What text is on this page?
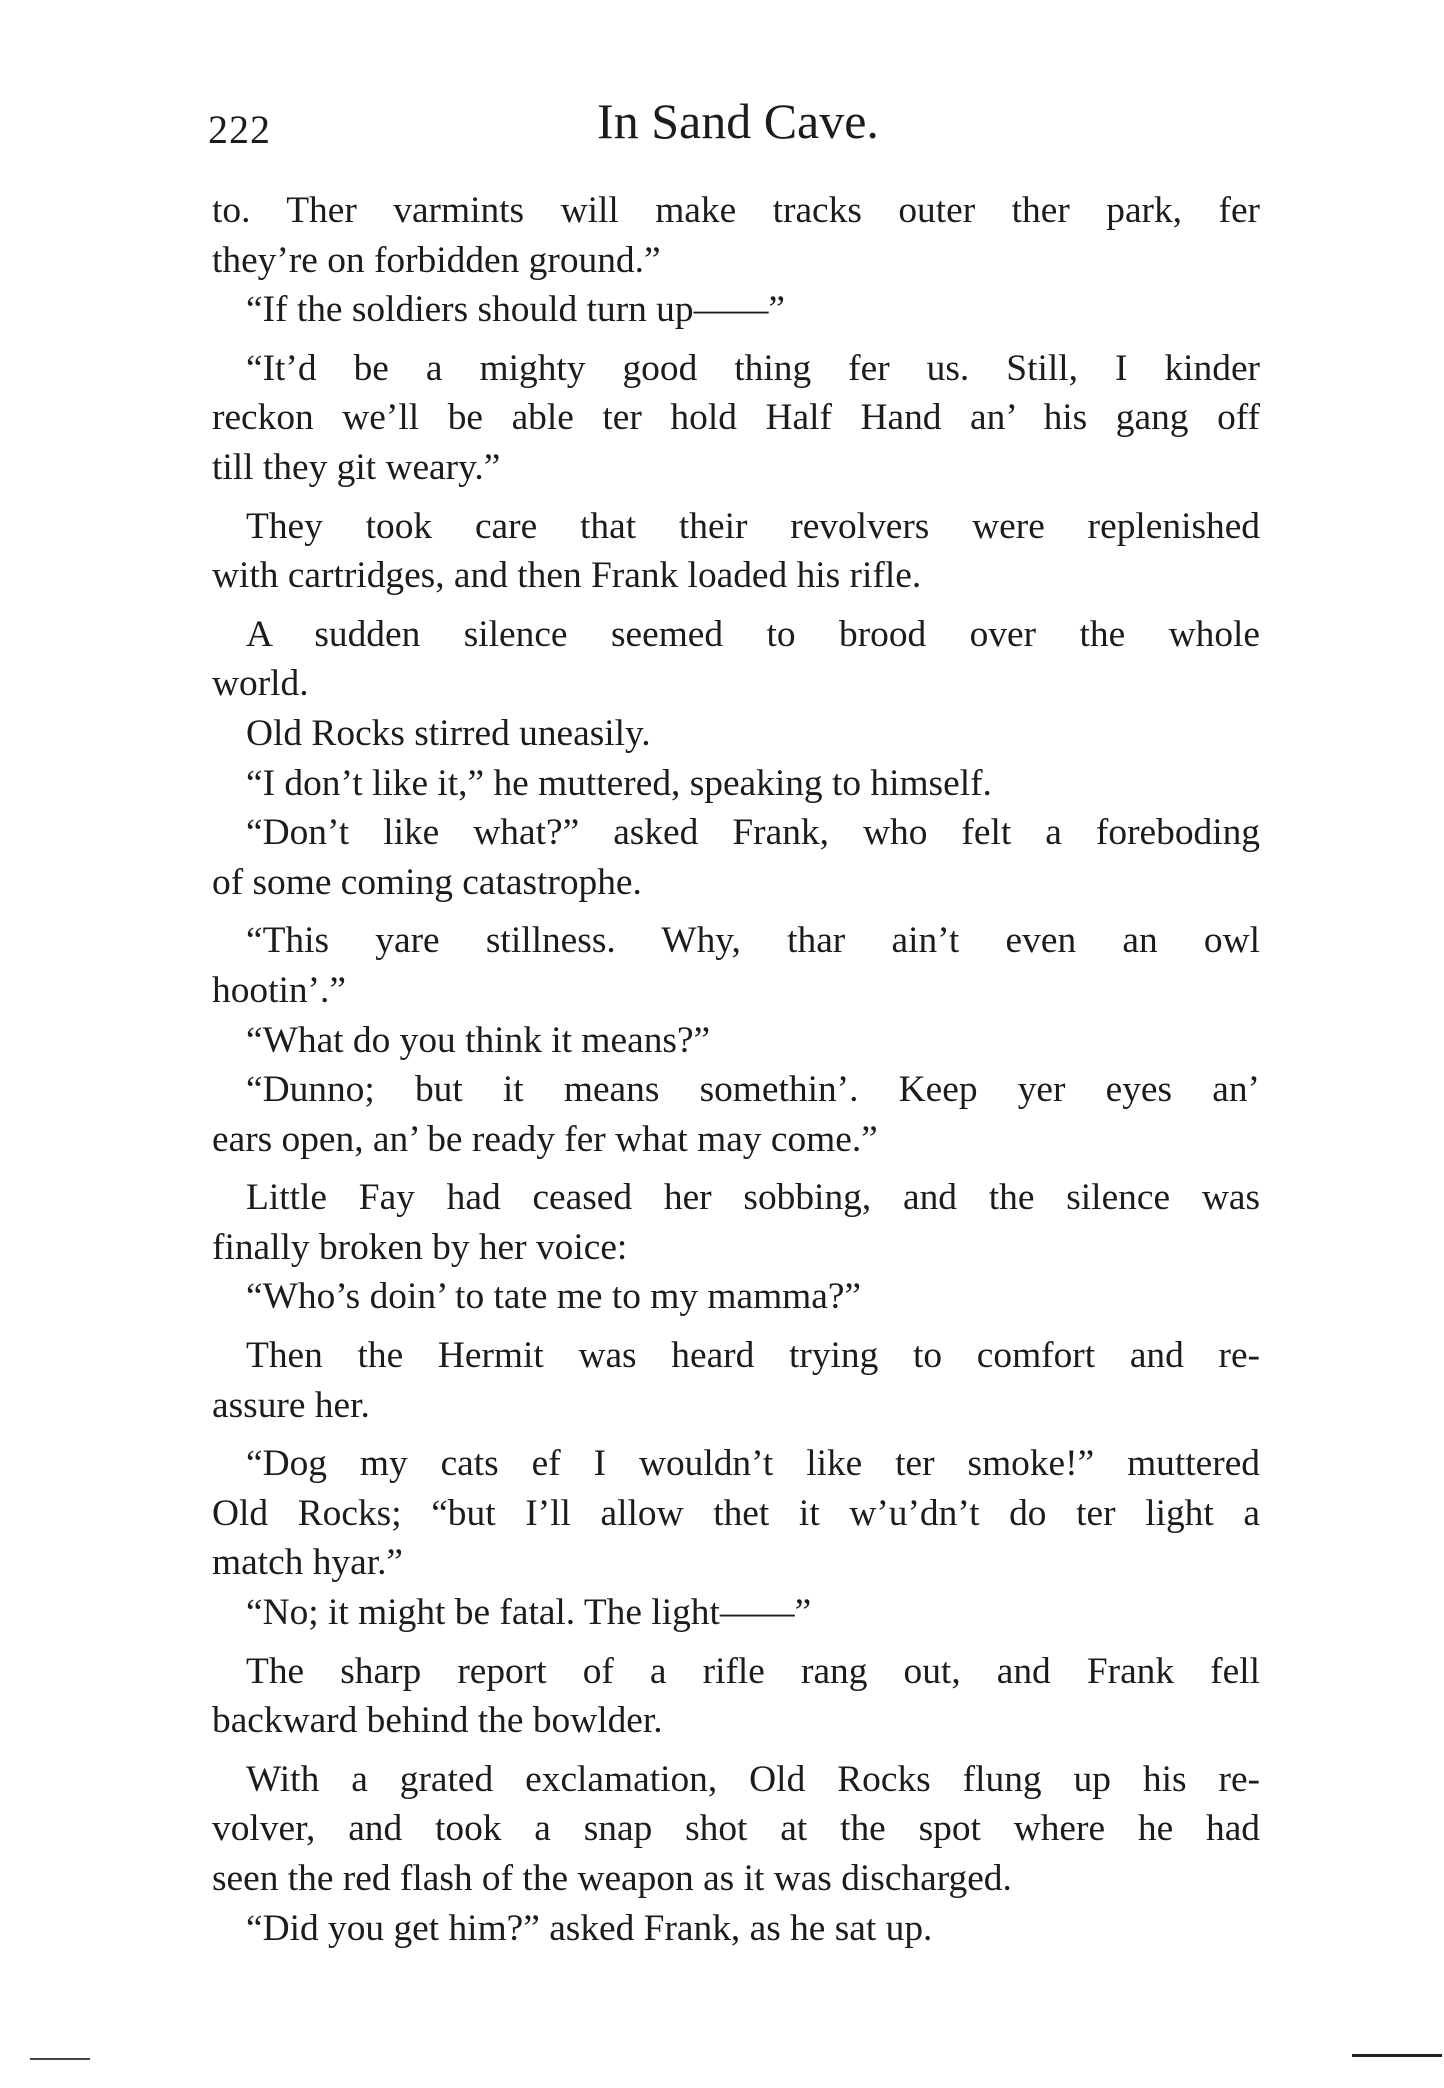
222	In Sand Cave.

to. Ther varmints will make tracks outer ther park, fer
they’re on forbidden ground.”

“If the soldiers should turn up——”

“It’d be a mighty good thing fer us. Still, I kinder
reckon we’ll be able ter hold Half Hand an’ his gang off
till they git weary.”

They took care that their revolvers were replenished
with cartridges, and then Frank loaded his rifle.

A sudden silence seemed to brood over the whole
world.

Old Rocks stirred uneasily.

“I don’t like it,” he muttered, speaking to himself.

“Don’t like what?” asked Frank, who felt a foreboding
of some coming catastrophe.

“This yare stillness. Why, thar ain’t even an owl
hootin’.”

“What do you think it means?”

“Dunno; but it means somethin’. Keep yer eyes an’
ears open, an’ be ready fer what may come.”

Little Fay had ceased her sobbing, and the silence was
finally broken by her voice:

“Who’s doin’ to tate me to my mamma?”

Then the Hermit was heard trying to comfort and re-
assure her.

“Dog my cats ef I wouldn’t like ter smoke!” muttered
Old Rocks; “but I’ll allow thet it w’u’dn’t do ter light a
match hyar.”

“No; it might be fatal. The light——”

The sharp report of a rifle rang out, and Frank fell
backward behind the bowlder.

With a grated exclamation, Old Rocks flung up his re-
volver, and took a snap shot at the spot where he had
seen the red flash of the weapon as it was discharged.

“Did you get him?” asked Frank, as he sat up.
